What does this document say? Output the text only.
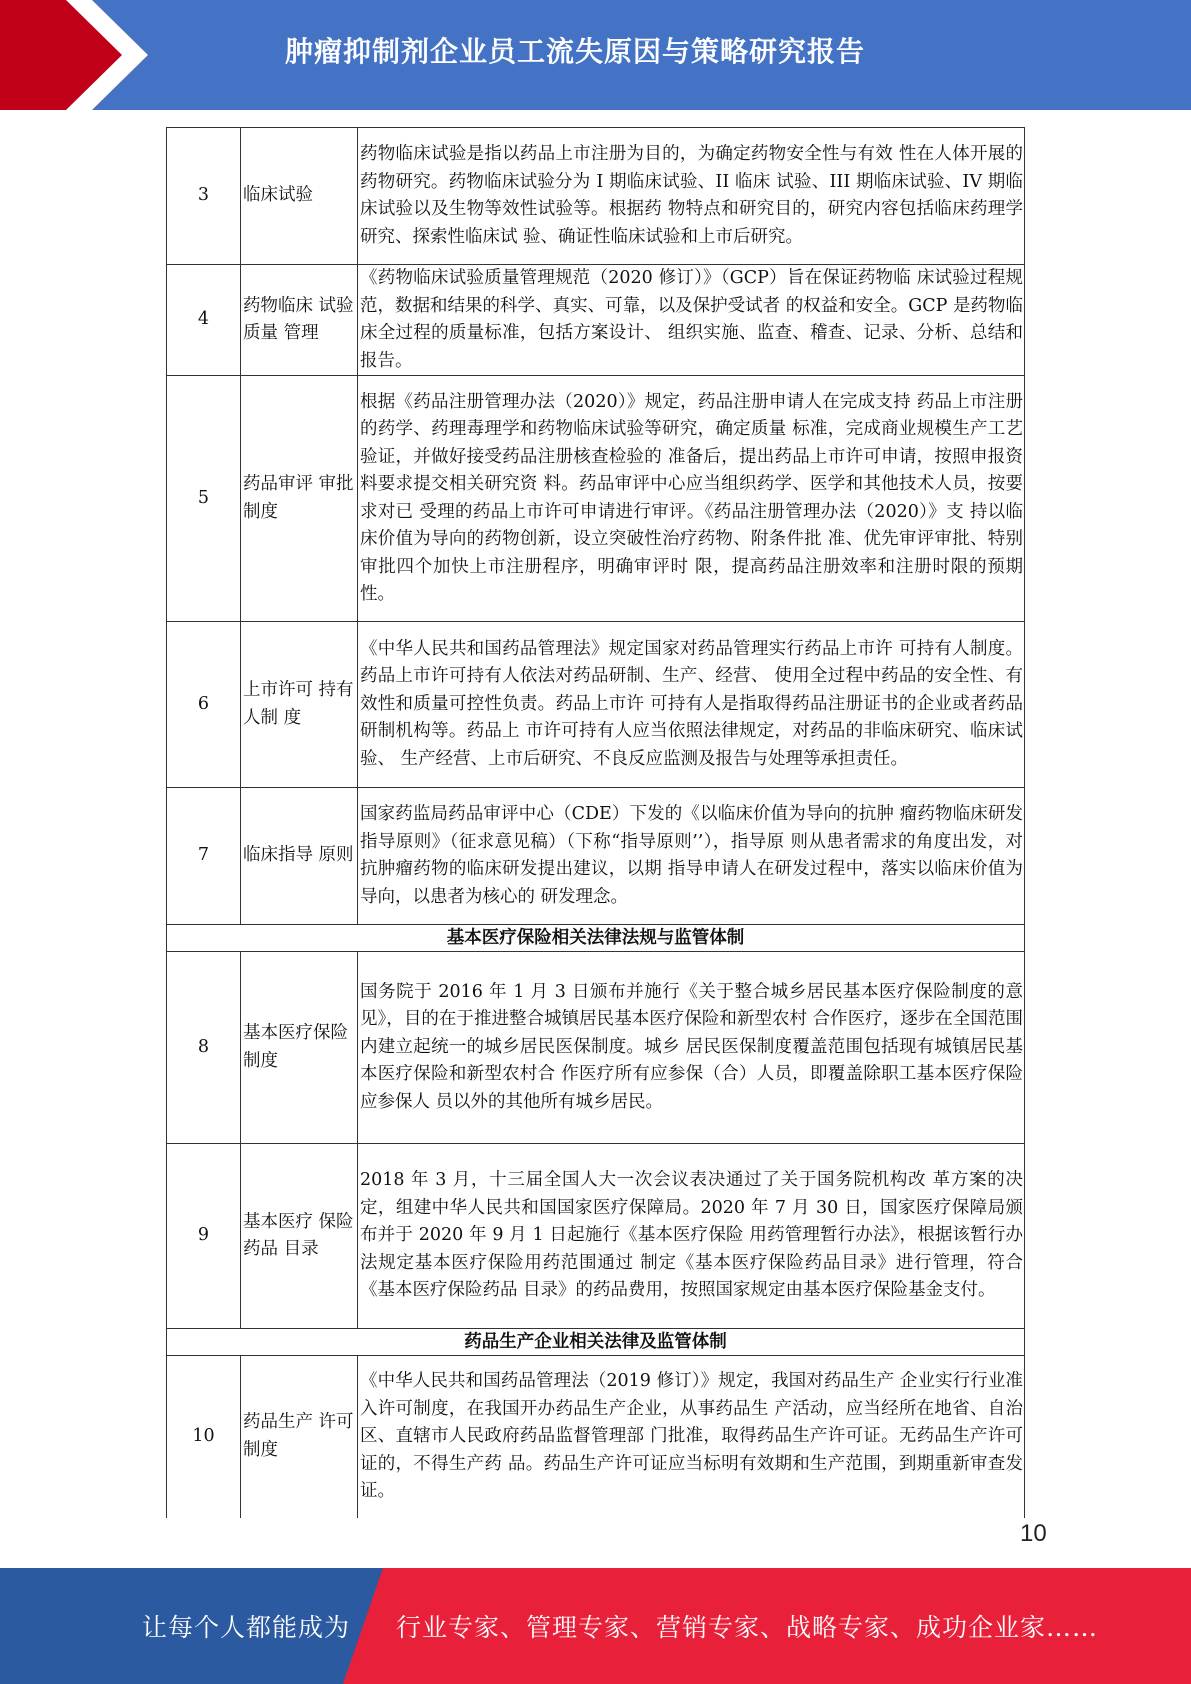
肿瘤抑制剂企业员工流失原因与策略研究报告
3	临床试验	药物临床试验是指以药品上市注册为目的，为确定药物安全性与有效 性在人体开展的药物研究。药物临床试验分为 I 期临床试验、II 临床 试验、III 期临床试验、IV 期临床试验以及生物等效性试验等。根据药 物特点和研究目的，研究内容包括临床药理学研究、探索性临床试 验、确证性临床试验和上市后研究。
4	药物临床 试验质量 管理	《药物临床试验质量管理规范（2020 修订）》（GCP）旨在保证药物临 床试验过程规范，数据和结果的科学、真实、可靠，以及保护受试者 的权益和安全。GCP 是药物临床全过程的质量标准，包括方案设计、 组织实施、监查、稽查、记录、分析、总结和报告。
5	药品审评 审批制度	根据《药品注册管理办法（2020）》规定，药品注册申请人在完成支持 药品上市注册的药学、药理毒理学和药物临床试验等研究，确定质量 标准，完成商业规模生产工艺验证，并做好接受药品注册核查检验的 准备后，提出药品上市许可申请，按照申报资料要求提交相关研究资 料。药品审评中心应当组织药学、医学和其他技术人员，按要求对已 受理的药品上市许可申请进行审评。《药品注册管理办法（2020）》支 持以临床价值为导向的药物创新，设立突破性治疗药物、附条件批 准、优先审评审批、特别审批四个加快上市注册程序，明确审评时 限，提高药品注册效率和注册时限的预期性。
6	上市许可 持有人制 度	《中华人民共和国药品管理法》规定国家对药品管理实行药品上市许 可持有人制度。药品上市许可持有人依法对药品研制、生产、经营、 使用全过程中药品的安全性、有效性和质量可控性负责。药品上市许 可持有人是指取得药品注册证书的企业或者药品研制机构等。药品上 市许可持有人应当依照法律规定，对药品的非临床研究、临床试验、 生产经营、上市后研究、不良反应监测及报告与处理等承担责任。
7	临床指导 原则	国家药监局药品审评中心（CDE）下发的《以临床价值为导向的抗肿 瘤药物临床研发指导原则》（征求意见稿）（下称“指导原则’’），指导原 则从患者需求的角度出发，对抗肿瘤药物的临床研发提出建议，以期 指导申请人在研发过程中，落实以临床价值为导向，以患者为核心的 研发理念。
基本医疗保险相关法律法规与监管体制		
8	基本医疗保险制度	国务院于 2016 年 1 月 3 日颁布并施行《关于整合城乡居民基本医疗保险制度的意见》，目的在于推进整合城镇居民基本医疗保险和新型农村 合作医疗，逐步在全国范围内建立起统一的城乡居民医保制度。城乡 居民医保制度覆盖范围包括现有城镇居民基本医疗保险和新型农村合 作医疗所有应参保（合）人员，即覆盖除职工基本医疗保险应参保人 员以外的其他所有城乡居民。
9	基本医疗 保险药品 目录	2018 年 3 月，十三届全国人大一次会议表决通过了关于国务院机构改 革方案的决定，组建中华人民共和国国家医疗保障局。2020 年 7 月 30 日，国家医疗保障局颁布并于 2020 年 9 月 1 日起施行《基本医疗保险 用药管理暂行办法》，根据该暂行办法规定基本医疗保险用药范围通过 制定《基本医疗保险药品目录》进行管理，符合《基本医疗保险药品 目录》的药品费用，按照国家规定由基本医疗保险基金支付。
药品生产企业相关法律及监管体制		
10	药品生产 许可制度	《中华人民共和国药品管理法（2019 修订）》规定，我国对药品生产 企业实行行业准入许可制度，在我国开办药品生产企业，从事药品生 产活动，应当经所在地省、自治区、直辖市人民政府药品监督管理部 门批准，取得药品生产许可证。无药品生产许可证的，不得生产药 品。药品生产许可证应当标明有效期和生产范围，到期重新审查发 证。
10
让每个人都能成为 行业专家、管理专家、营销专家、战略专家、成功企业家……
